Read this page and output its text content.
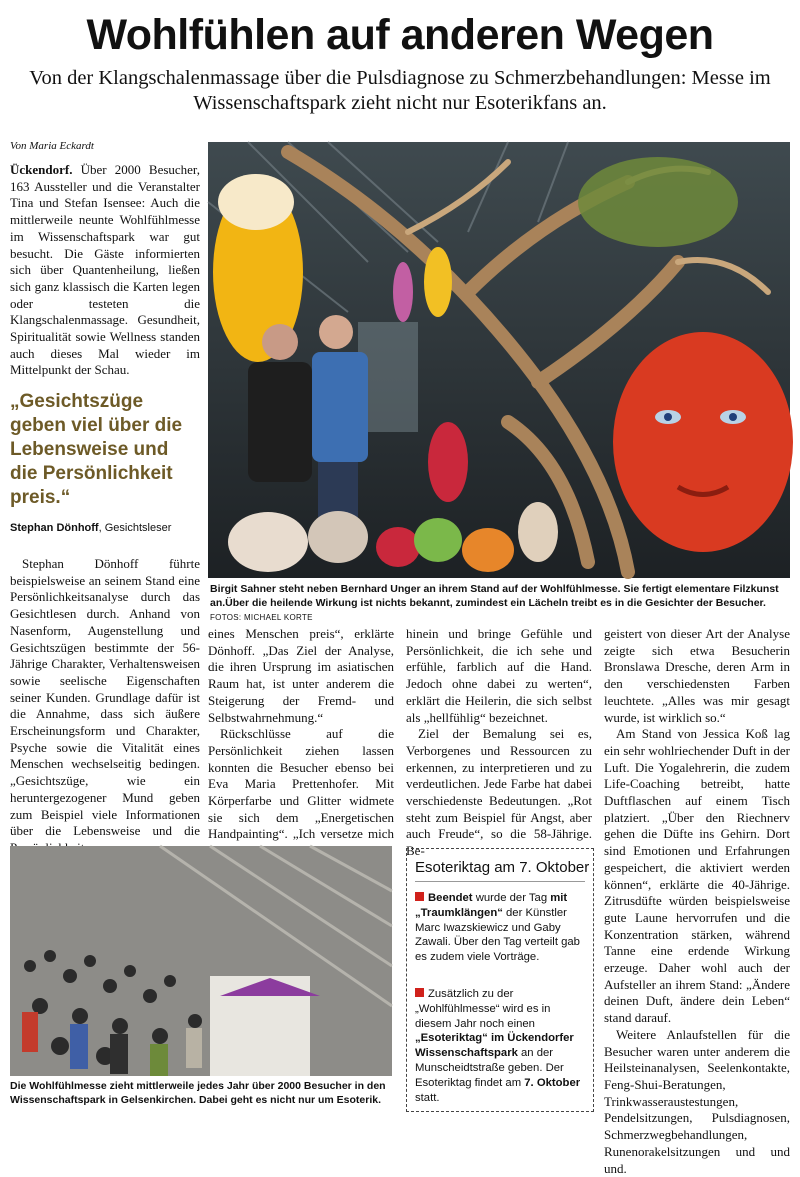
Wohlfühlen auf anderen Wegen
Von der Klangschalenmassage über die Pulsdiagnose zu Schmerzbehandlungen: Messe im Wissenschaftspark zieht nicht nur Esoterikfans an.
Von Maria Eckardt

Ückendorf. Über 2000 Besucher, 163 Aussteller und die Veranstalter Tina und Stefan Isensee: Auch die mittlerweile neunte Wohlfühlmesse im Wissenschaftspark war gut besucht. Die Gäste informierten sich über Quantenheilung, ließen sich ganz klassisch die Karten legen oder testeten die Klangschalenmassage. Gesundheit, Spiritualität sowie Wellness standen auch dieses Mal wieder im Mittelpunkt der Schau.

„Gesichtszüge geben viel über die Lebensweise und die Persönlichkeit preis.“
Stephan Dönhoff, Gesichtsleser

Stephan Dönhoff führte beispielsweise an seinem Stand eine Persönlichkeitsanalyse durch das Gesichtlesen durch. Anhand von Nasenform, Augenstellung und Gesichtszügen bestimmte der 56-Jährige Charakter, Verhaltensweisen sowie seelische Eigenschaften seiner Kunden. Grundlage dafür ist die Annahme, dass sich äußere Erscheinungsform und Charakter, Psyche sowie die Vitalität eines Menschen wechselseitig bedingen. „Gesichtszüge, wie ein heruntergezogener Mund geben zum Beispiel viele Informationen über die Lebensweise und die

Birgit Sahner steht neben Bernhard Unger an ihrem Stand auf der Wohlfühlmesse. Sie fertigt elementare Filzkunst an.Über die heilende Wirkung ist nichts bekannt, zumindest ein Lächeln treibt es in die Gesichter der Besucher. FOTOS: MICHAEL KORTE

eines Menschen preis“, erklärte Dönhoff. „Das Ziel der Analyse, die ihren Ursprung im asiatischen Raum hat, ist unter anderem die Steigerung der Fremd- und Selbstwahrnehmung.“

Rückschlüsse auf die Persönlichkeit ziehen lassen konnten die Besucher ebenso bei Eva Maria Prettenhofer. Mit Körperfarbe und Glitter widmete sie sich dem „Energetischen Handpainting“. „Ich versetze mich

hinein und bringe Gefühle und Persönlichkeit, die ich sehe und erfühle, farblich auf die Hand. Jedoch ohne dabei zu werten“, erklärt die Heilerin, die sich selbst als „hellfühlig“ bezeichnet.

Ziel der Bemalung sei es, Verborgenes und Ressourcen zu erkennen, zu interpretieren und zu verdeutlichen. Jede Farbe hat dabei verschiedenste Bedeutungen. „Rot steht zum Beispiel für Angst, aber auch Freude“, so die 58-Jährige. Be-

geistert von dieser Art der Analyse zeigte sich etwa Besucherin Bronslawa Dresche, deren Arm in den verschiedensten Farben leuchtete. „Alles was mir gesagt wurde, ist wirklich so.“

Am Stand von Jessica Koß lag ein sehr wohlriechender Duft in der Luft. Die Yogalehrerin, die zudem Life-Coaching betreibt, hatte Duftflaschen auf einem Tisch platziert. „Über den Riechnerv gehen die Düfte ins Gehirn. Dort sind Emotionen und Erfahrungen gespeichert, die aktiviert werden können“, erklärte die 40-Jährige. Zitrusdüfte würden beispielsweise gute Laune hervorrufen und die Konzentration stärken, während Tanne eine erdende Wirkung erzeuge. Daher wohl auch der Aufsteller an ihrem Stand: „Ändere deinen Duft, ändere dein Leben“ stand darauf.

Weitere Anlaufstellen für die Besucher waren unter anderem die Heilsteinanalysen, Seelenkontakte, Feng-Shui-Beratungen, Trinkwasseraustestungen, Pendelsitzungen, Pulsdiagnosen, Schmerzwegbehandlungen, Runenorakelsitzungen und und und.

Die Wohlfühlmesse zieht mittlerweile jedes Jahr über 2000 Besucher in den Wissenschaftspark in Gelsenkirchen. Dabei geht es nicht nur um Esoterik.
Esoteriktag am 7. Oktober
Beendet wurde der Tag mit „Traumklängen“ der Künstler Marc Iwazskiewicz und Gaby Zawali. Über den Tag verteilt gab es zudem viele Vorträge.
Zusätzlich zu der „Wohlfühlmesse“ wird es in diesem Jahr noch einen „Esoteriktag“ im Ückendorfer Wissenschaftspark an der Munscheidtstraße geben. Der Esoteriktag findet am 7. Oktober statt.
